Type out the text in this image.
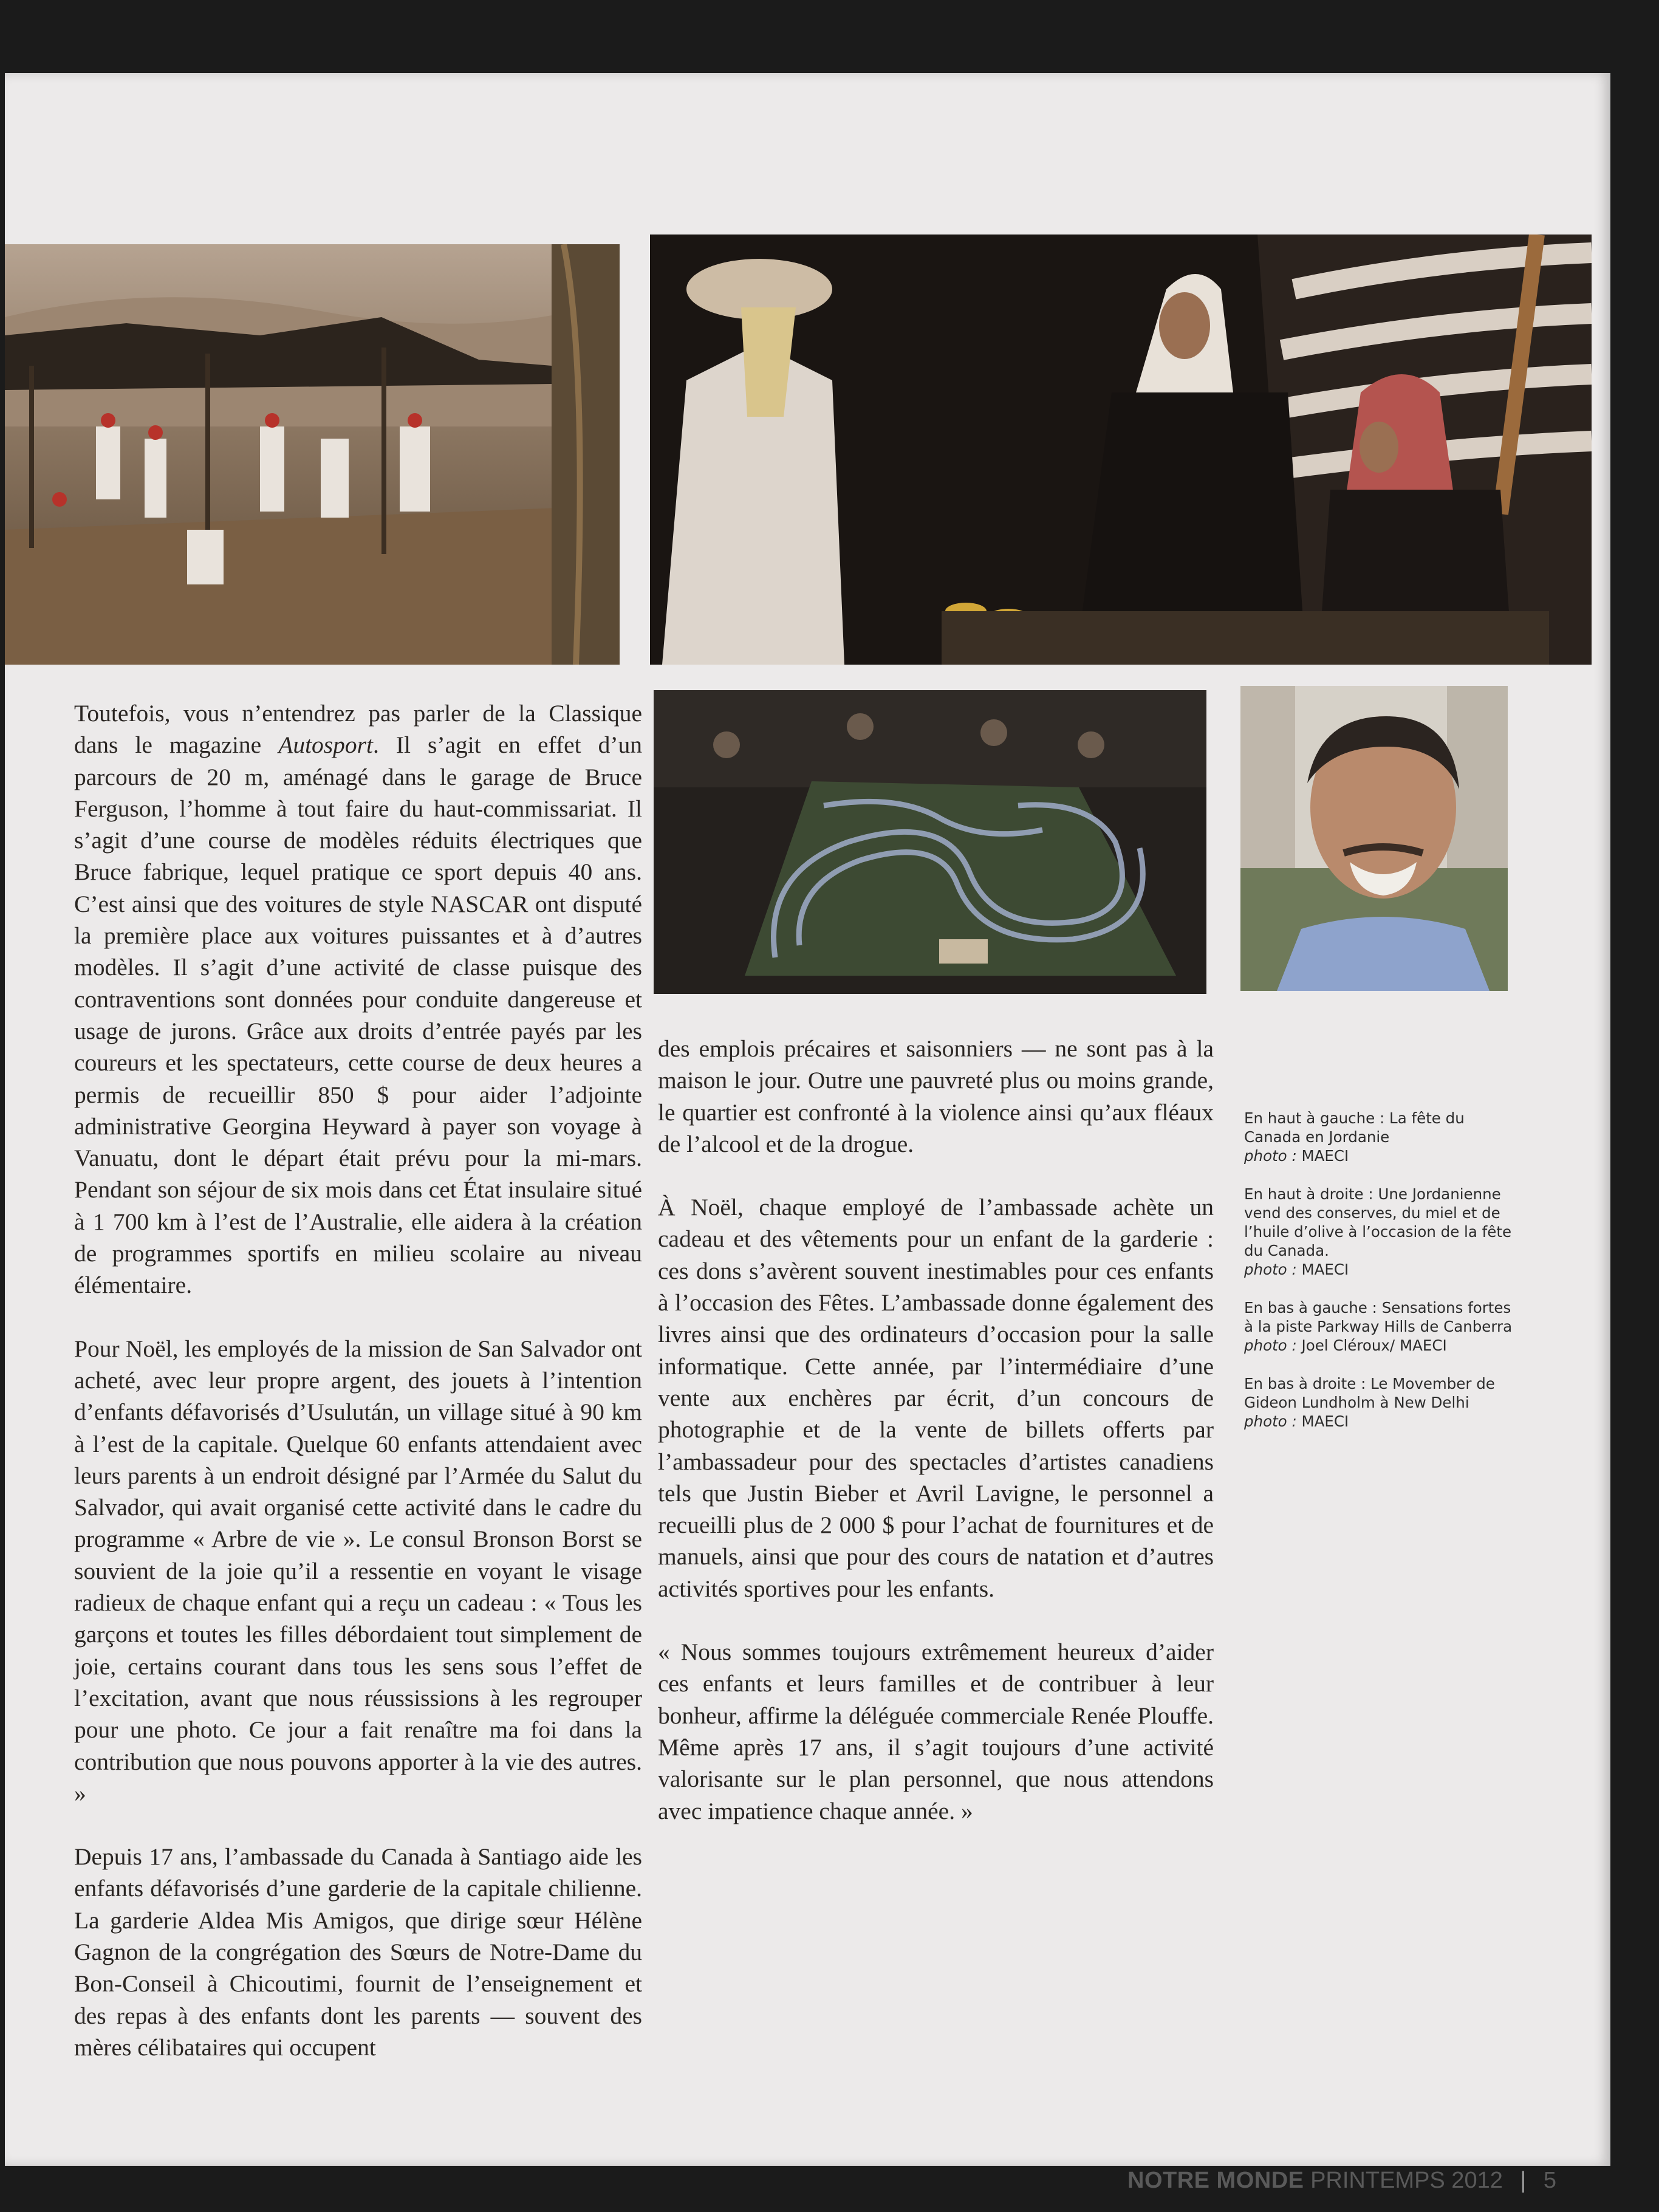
Toutefois, vous n’entendrez pas parler de la Classique dans le magazine Autosport. Il s’agit en effet d’un parcours de 20 m, aménagé dans le garage de Bruce Ferguson, l’homme à tout faire du haut-commissariat. Il s’agit d’une course de modèles réduits électriques que Bruce fabrique, lequel pratique ce sport depuis 40 ans. C’est ainsi que des voitures de style NASCAR ont disputé la première place aux voitures puissantes et à d’autres modèles. Il s’agit d’une activité de classe puisque des contraventions sont données pour conduite dangereuse et usage de jurons. Grâce aux droits d’entrée payés par les coureurs et les spectateurs, cette course de deux heures a permis de recueillir 850 $ pour aider l’adjointe administrative Georgina Heyward à payer son voyage à Vanuatu, dont le départ était prévu pour la mi-mars. Pendant son séjour de six mois dans cet État insulaire situé à 1 700 km à l’est de l’Australie, elle aidera à la création de programmes sportifs en milieu scolaire au niveau élémentaire.

Pour Noël, les employés de la mission de San Salvador ont acheté, avec leur propre argent, des jouets à l’intention d’enfants défavorisés d’Usulután, un village situé à 90 km à l’est de la capitale. Quelque 60 enfants attendaient avec leurs parents à un endroit désigné par l’Armée du Salut du Salvador, qui avait organisé cette activité dans le cadre du programme « Arbre de vie ». Le consul Bronson Borst se souvient de la joie qu’il a ressentie en voyant le visage radieux de chaque enfant qui a reçu un cadeau : « Tous les garçons et toutes les filles débordaient tout simplement de joie, certains courant dans tous les sens sous l’effet de l’excitation, avant que nous réussissions à les regrouper pour une photo. Ce jour a fait renaître ma foi dans la contribution que nous pouvons apporter à la vie des autres. »

Depuis 17 ans, l’ambassade du Canada à Santiago aide les enfants défavorisés d’une garderie de la capitale chilienne. La garderie Aldea Mis Amigos, que dirige sœur Hélène Gagnon de la congrégation des Sœurs de Notre-Dame du Bon-Conseil à Chicoutimi, fournit de l’enseignement et des repas à des enfants dont les parents — souvent des mères célibataires qui occupent

des emplois précaires et saisonniers — ne sont pas à la maison le jour. Outre une pauvreté plus ou moins grande, le quartier est confronté à la violence ainsi qu’aux fléaux de l’alcool et de la drogue.

À Noël, chaque employé de l’ambassade achète un cadeau et des vêtements pour un enfant de la garderie : ces dons s’avèrent souvent inestimables pour ces enfants à l’occasion des Fêtes. L’ambassade donne également des livres ainsi que des ordinateurs d’occasion pour la salle informatique. Cette année, par l’intermédiaire d’une vente aux enchères par écrit, d’un concours de photographie et de la vente de billets offerts par l’ambassadeur pour des spectacles d’artistes canadiens tels que Justin Bieber et Avril Lavigne, le personnel a recueilli plus de 2 000 $ pour l’achat de fournitures et de manuels, ainsi que pour des cours de natation et d’autres activités sportives pour les enfants.

« Nous sommes toujours extrêmement heureux d’aider ces enfants et leurs familles et de contribuer à leur bonheur, affirme la déléguée commerciale Renée Plouffe. Même après 17 ans, il s’agit toujours d’une activité valorisante sur le plan personnel, que nous attendons avec impatience chaque année. »

En haut à gauche : La fête du Canada en Jordanie
photo : MAECI

En haut à droite : Une Jordanienne vend des conserves, du miel et de l’huile d’olive à l’occasion de la fête du Canada.
photo : MAECI

En bas à gauche : Sensations fortes à la piste Parkway Hills de Canberra
photo : Joel Cléroux/ MAECI

En bas à droite : Le Movember de Gideon Lundholm à New Delhi
photo : MAECI

NOTRE MONDE PRINTEMPS 2012 | 5
